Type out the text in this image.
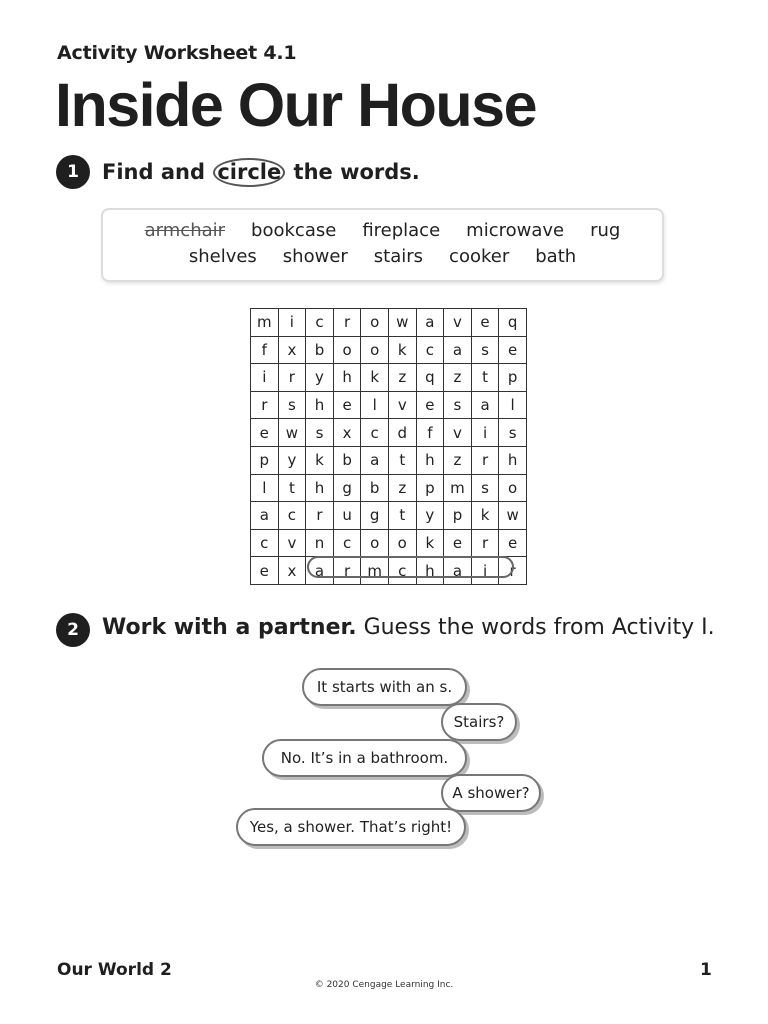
Activity Worksheet 4.1
Inside Our House
1	Find and circle the words.
armchair bookcase fireplace microwave rug
shelves shower stairs cooker bath
m	i	c	r	o	w	a	v	e	q
f	x	b	o	o	k	c	a	s	e
i	r	y	h	k	z	q	z	t	p
r	s	h	e	l	v	e	s	a	l
e	w	s	x	c	d	f	v	i	s
p	y	k	b	a	t	h	z	r	h
l	t	h	g	b	z	p	m	s	o
a	c	r	u	g	t	y	p	k	w
c	v	n	c	o	o	k	e	r	e
e	x	a	r	m	c	h	a	i	r
2	Work with a partner. Guess the words from Activity I.
It starts with an s.
Stairs?
No. It’s in a bathroom.
A shower?
Yes, a shower. That’s right!
Our World 2	1
© 2020 Cengage Learning Inc.
